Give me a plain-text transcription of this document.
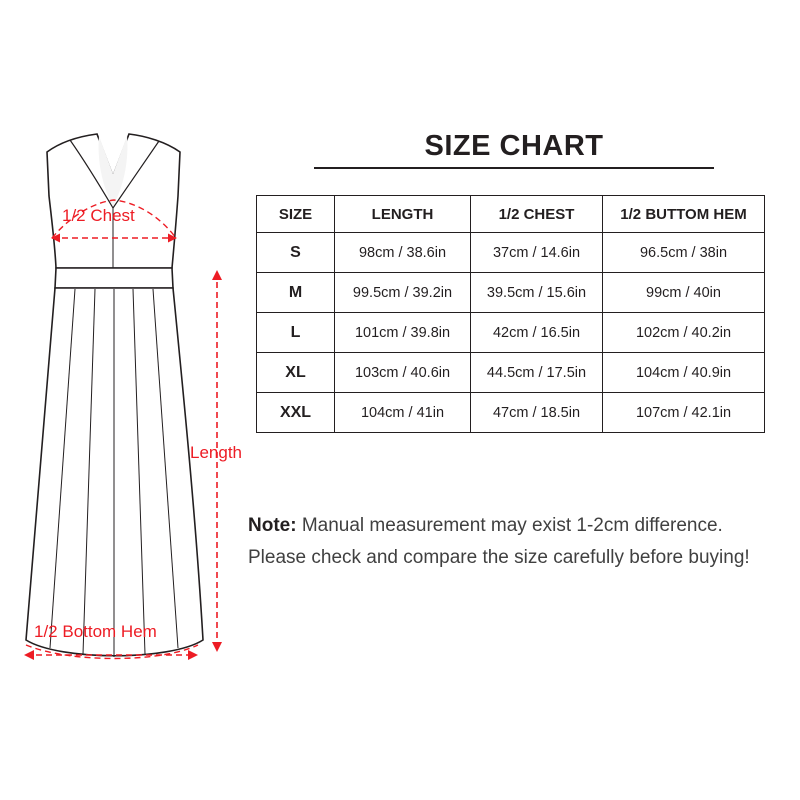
1/2 Chest
Length
1/2 Bottom Hem
SIZE CHART
SIZE	LENGTH	1/2 CHEST	1/2 BUTTOM HEM
S	98cm / 38.6in	37cm / 14.6in	96.5cm / 38in
M	99.5cm / 39.2in	39.5cm / 15.6in	99cm / 40in
L	101cm / 39.8in	42cm / 16.5in	102cm / 40.2in
XL	103cm / 40.6in	44.5cm / 17.5in	104cm / 40.9in
XXL	104cm / 41in	47cm / 18.5in	107cm / 42.1in
Note: Manual measurement may exist 1-2cm difference.
Please check and compare the size carefully before buying!
